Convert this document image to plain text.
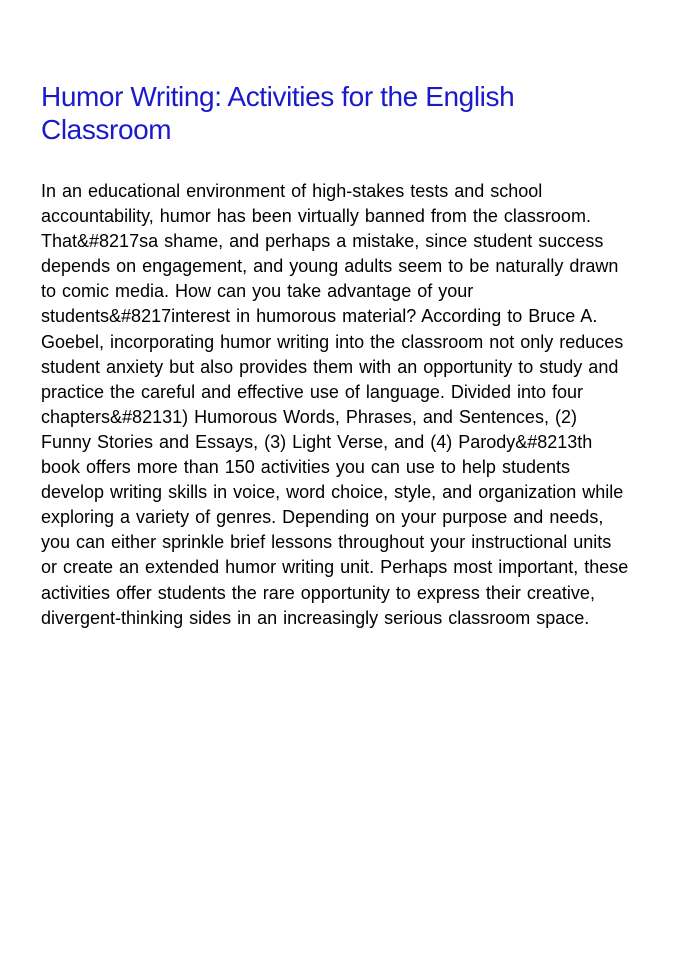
Humor Writing: Activities for the English Classroom

In an educational environment of high-stakes tests and school accountability, humor has been virtually banned from the classroom. That&#8217sa shame, and perhaps a mistake, since student success depends on engagement, and young adults seem to be naturally drawn to comic media. How can you take advantage of your students&#8217interest in humorous material? According to Bruce A. Goebel, incorporating humor writing into the classroom not only reduces student anxiety but also provides them with an opportunity to study and practice the careful and effective use of language. Divided into four chapters&#82131) Humorous Words, Phrases, and Sentences, (2) Funny Stories and Essays, (3) Light Verse, and (4) Parody&#8213th book offers more than 150 activities you can use to help students develop writing skills in voice, word choice, style, and organization while exploring a variety of genres. Depending on your purpose and needs, you can either sprinkle brief lessons throughout your instructional units or create an extended humor writing unit. Perhaps most important, these activities offer students the rare opportunity to express their creative, divergent-thinking sides in an increasingly serious classroom space.
